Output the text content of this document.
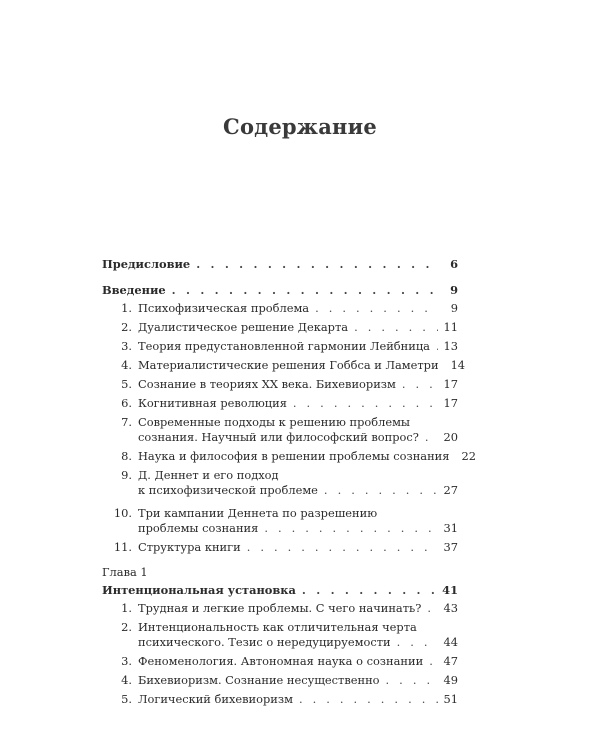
Содержание
Глава 1
Предисловие . . .	6
Введение . . .	9
1. Психофизическая проблема . . .	9
2. Дуалистическое решение Декарта . . .	11
3. Теория предустановленной гармонии Лейбница . . . 13
4. Материалистические решения Гоббса и Ламетри 14
5. Сознание в теориях XX века. Бихевиоризм . . .	17
6. Когнитивная революция . . .	17
7. Современные подходы к решению проблемы
сознания. Научный или философский вопрос? . . . 20
8. Наука и философия в решении проблемы сознания 22
9. Д. Деннет и его подход
к психофизической проблеме . . .	27
10. Три кампании Деннета по разрешению
проблемы сознания . . .	31
11. Структура книги . . .	37
Интенциональная установка . . .	41
1. Трудная и легкие проблемы. С чего начинать? . . . 43
2. Интенциональность как отличительная черта
психического. Тезис о нередуцируемости . . .	44
3. Феноменология. Автономная наука о сознании . . . 47
4. Бихевиоризм. Сознание несущественно . . .	49
5. Логический бихевиоризм . . .	51
